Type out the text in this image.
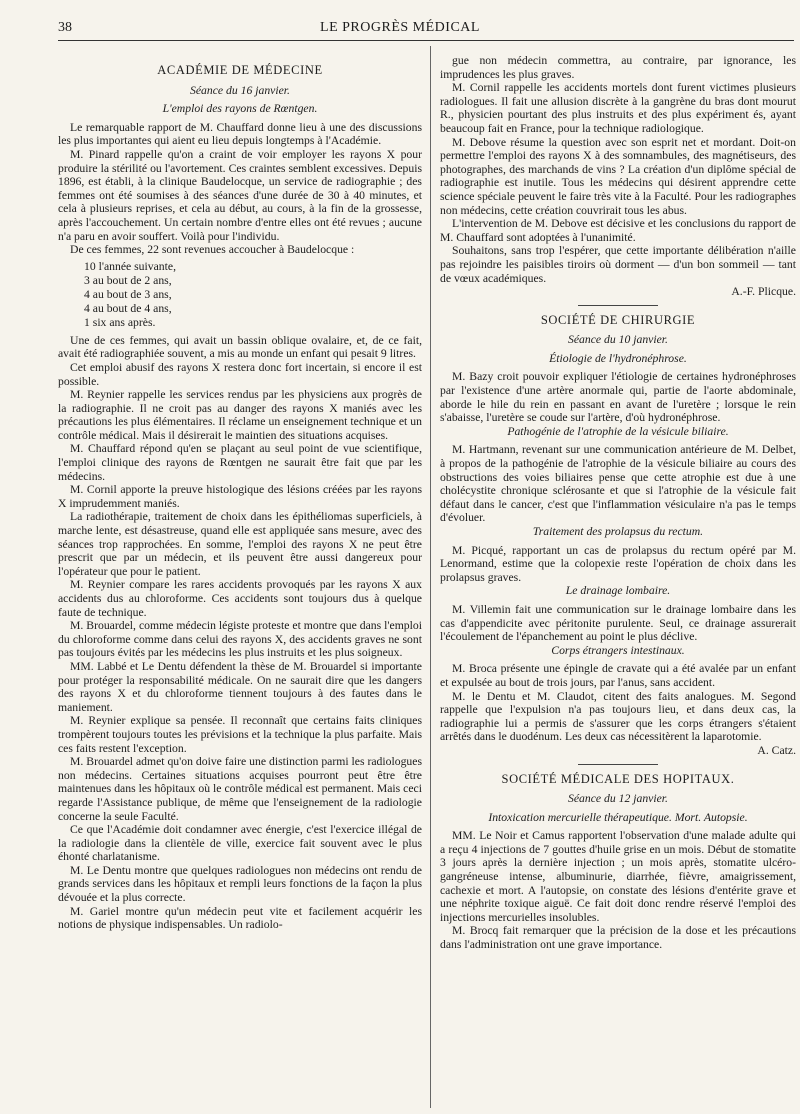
38	LE PROGRÈS MÉDICAL

ACADÉMIE DE MÉDECINE

Séance du 16 janvier.

L'emploi des rayons de Rœntgen.

Le remarquable rapport de M. Chauffard donne lieu à une des discussions les plus importantes qui aient eu lieu depuis longtemps à l'Académie.

M. Pinard rappelle qu'on a craint de voir employer les rayons X pour produire la stérilité ou l'avortement. Ces craintes semblent excessives. Depuis 1896, est établi, à la clinique Baudelocque, un service de radiographie ; des femmes ont été soumises à des séances d'une durée de 30 à 40 minutes, et cela à plusieurs reprises, et cela au début, au cours, à la fin de la grossesse, après l'accouchement. Un certain nombre d'entre elles ont été revues ; aucune n'a paru en avoir souffert. Voilà pour l'individu.

De ces femmes, 22 sont revenues accoucher à Baudelocque :

10 l'année suivante,
3 au bout de 2 ans,
4 au bout de 3 ans,
4 au bout de 4 ans,
1 six ans après.

Une de ces femmes, qui avait un bassin oblique ovalaire, et, de ce fait, avait été radiographiée souvent, a mis au monde un enfant qui pesait 9 litres.

Cet emploi abusif des rayons X restera donc fort incertain, si encore il est possible.

M. Reynier rappelle les services rendus par les physiciens aux progrès de la radiographie. Il ne croit pas au danger des rayons X maniés avec les précautions les plus élémentaires. Il réclame un enseignement technique et un contrôle médical. Mais il désirerait le maintien des situations acquises.

M. Chauffard répond qu'en se plaçant au seul point de vue scientifique, l'emploi clinique des rayons de Rœntgen ne saurait être fait que par les médecins.

M. Cornil apporte la preuve histologique des lésions créées par les rayons X imprudemment maniés.

La radiothérapie, traitement de choix dans les épithéliomas superficiels, à marche lente, est désastreuse, quand elle est appliquée sans mesure, avec des séances trop rapprochées. En somme, l'emploi des rayons X ne peut être prescrit que par un médecin, et ils peuvent être aussi dangereux pour l'opérateur que pour le patient.

M. Reynier compare les rares accidents provoqués par les rayons X aux accidents dus au chloroforme. Ces accidents sont toujours dus à quelque faute de technique.

M. Brouardel, comme médecin légiste proteste et montre que dans l'emploi du chloroforme comme dans celui des rayons X, des accidents graves ne sont pas toujours évités par les médecins les plus instruits et les plus soigneux.

MM. Labbé et Le Dentu défendent la thèse de M. Brouardel si importante pour protéger la responsabilité médicale. On ne saurait dire que les dangers des rayons X et du chloroforme tiennent toujours à des fautes dans le maniement.

M. Reynier explique sa pensée. Il reconnaît que certains faits cliniques trompèrent toujours toutes les prévisions et la technique la plus parfaite. Mais ces faits restent l'exception.

M. Brouardel admet qu'on doive faire une distinction parmi les radiologues non médecins. Certaines situations acquises pourront peut être être maintenues dans les hôpitaux où le contrôle médical est permanent. Mais ceci regarde l'Assistance publique, de même que l'enseignement de la radiologie concerne la seule Faculté.

Ce que l'Académie doit condamner avec énergie, c'est l'exercice illégal de la radiologie dans la clientèle de ville, exercice fait souvent avec le plus éhonté charlatanisme.

M. Le Dentu montre que quelques radiologues non médecins ont rendu de grands services dans les hôpitaux et rempli leurs fonctions de la façon la plus dévouée et la plus correcte.

M. Gariel montre qu'un médecin peut vite et facilement acquérir les notions de physique indispensables. Un radiolo-

gue non médecin commettra, au contraire, par ignorance, les imprudences les plus graves.

M. Cornil rappelle les accidents mortels dont furent victimes plusieurs radiologues. Il fait une allusion discrète à la gangrène du bras dont mourut R., physicien pourtant des plus instruits et des plus expériment és, ayant beaucoup fait en France, pour la technique radiologique.

M. Debove résume la question avec son esprit net et mordant. Doit-on permettre l'emploi des rayons X à des somnambules, des magnétiseurs, des photographes, des marchands de vins ? La création d'un diplôme spécial de radiographie est inutile. Tous les médecins qui désirent apprendre cette science spéciale peuvent le faire très vite à la Faculté. Pour les radiographes non médecins, cette création couvrirait tous les abus.

L'intervention de M. Debove est décisive et les conclusions du rapport de M. Chauffard sont adoptées à l'unanimité.

Souhaitons, sans trop l'espérer, que cette importante délibération n'aille pas rejoindre les paisibles tiroirs où dorment — d'un bon sommeil — tant de vœux académiques.

A.-F. Plicque.

SOCIÉTÉ DE CHIRURGIE

Séance du 10 janvier.

Étiologie de l'hydronéphrose.

M. Bazy croit pouvoir expliquer l'étiologie de certaines hydronéphroses par l'existence d'une artère anormale qui, partie de l'aorte abdominale, aborde le hile du rein en passant en avant de l'uretère ; lorsque le rein s'abaisse, l'uretère se coude sur l'artère, d'où hydronéphrose.

Pathogénie de l'atrophie de la vésicule biliaire.

M. Hartmann, revenant sur une communication antérieure de M. Delbet, à propos de la pathogénie de l'atrophie de la vésicule biliaire au cours des obstructions des voies biliaires pense que cette atrophie est due à une cholécystite chronique sclérosante et que si l'atrophie de la vésicule fait défaut dans le cancer, c'est que l'inflammation vésiculaire n'a pas le temps d'évoluer.

Traitement des prolapsus du rectum.

M. Picqué, rapportant un cas de prolapsus du rectum opéré par M. Lenormand, estime que la colopexie reste l'opération de choix dans les prolapsus graves.

Le drainage lombaire.

M. Villemin fait une communication sur le drainage lombaire dans les cas d'appendicite avec péritonite purulente. Seul, ce drainage assurerait l'écoulement de l'épanchement au point le plus déclive.

Corps étrangers intestinaux.

M. Broca présente une épingle de cravate qui a été avalée par un enfant et expulsée au bout de trois jours, par l'anus, sans accident.

M. le Dentu et M. Claudot, citent des faits analogues. M. Segond rappelle que l'expulsion n'a pas toujours lieu, et dans deux cas, la radiographie lui a permis de s'assurer que les corps étrangers s'étaient arrêtés dans le duodénum. Les deux cas nécessitèrent la laparotomie.

A. Catz.

SOCIÉTÉ MÉDICALE DES HOPITAUX.

Séance du 12 janvier.

Intoxication mercurielle thérapeutique. Mort. Autopsie.

MM. Le Noir et Camus rapportent l'observation d'une malade adulte qui a reçu 4 injections de 7 gouttes d'huile grise en un mois. Début de stomatite 3 jours après la dernière injection ; un mois après, stomatite ulcéro-gangréneuse intense, albuminurie, diarrhée, fièvre, amaigrissement, cachexie et mort. A l'autopsie, on constate des lésions d'entérite grave et une néphrite toxique aiguë. Ce fait doit donc rendre réservé l'emploi des injections mercurielles insolubles.

M. Brocq fait remarquer que la précision de la dose et les précautions dans l'administration ont une grave importance.
